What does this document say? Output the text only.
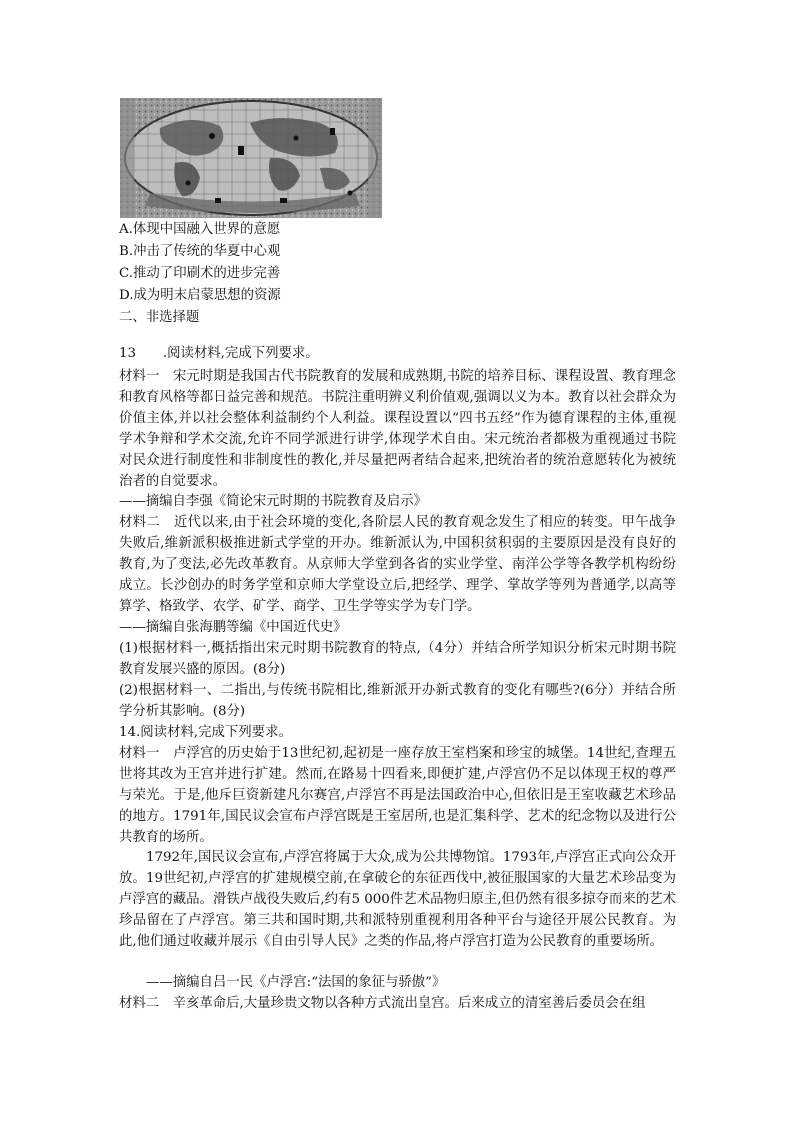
A.体现中国融入世界的意愿
B.冲击了传统的华夏中心观
C.推动了印刷术的进步完善
D.成为明末启蒙思想的资源
二、非选择题
13　　.阅读材料,完成下列要求。
材料一　宋元时期是我国古代书院教育的发展和成熟期,书院的培养目标、课程设置、教育理念和教育风格等都日益完善和规范。书院注重明辨义利价值观,强调以义为本。教育以社会群众为价值主体,并以社会整体利益制约个人利益。课程设置以“四书五经”作为德育课程的主体,重视学术争辩和学术交流,允许不同学派进行讲学,体现学术自由。宋元统治者都极为重视通过书院对民众进行制度性和非制度性的教化,并尽量把两者结合起来,把统治者的统治意愿转化为被统治者的自觉要求。
——摘编自李强《简论宋元时期的书院教育及启示》
材料二　近代以来,由于社会环境的变化,各阶层人民的教育观念发生了相应的转变。甲午战争失败后,维新派积极推进新式学堂的开办。维新派认为,中国积贫积弱的主要原因是没有良好的教育,为了变法,必先改革教育。从京师大学堂到各省的实业学堂、南洋公学等各教学机构纷纷成立。长沙创办的时务学堂和京师大学堂设立后,把经学、理学、掌故学等列为普通学,以高等算学、格致学、农学、矿学、商学、卫生学等实学为专门学。
——摘编自张海鹏等编《中国近代史》
(1)根据材料一,概括指出宋元时期书院教育的特点,（4分）并结合所学知识分析宋元时期书院教育发展兴盛的原因。(8分)
(2)根据材料一、二指出,与传统书院相比,维新派开办新式教育的变化有哪些?(6分）并结合所学分析其影响。(8分)
14.阅读材料,完成下列要求。
材料一　卢浮宫的历史始于13世纪初,起初是一座存放王室档案和珍宝的城堡。14世纪,查理五世将其改为王宫并进行扩建。然而,在路易十四看来,即便扩建,卢浮宫仍不足以体现王权的尊严与荣光。于是,他斥巨资新建凡尔赛宫,卢浮宫不再是法国政治中心,但依旧是王室收藏艺术珍品的地方。1791年,国民议会宣布卢浮宫既是王室居所,也是汇集科学、艺术的纪念物以及进行公共教育的场所。
1792年,国民议会宣布,卢浮宫将属于大众,成为公共博物馆。1793年,卢浮宫正式向公众开放。19世纪初,卢浮宫的扩建规模空前,在拿破仑的东征西伐中,被征服国家的大量艺术珍品变为卢浮宫的藏品。滑铁卢战役失败后,约有5 000件艺术品物归原主,但仍然有很多掠夺而来的艺术珍品留在了卢浮宫。第三共和国时期,共和派特别重视利用各种平台与途径开展公民教育。为此,他们通过收藏并展示《自由引导人民》之类的作品,将卢浮宫打造为公民教育的重要场所。
——摘编自吕一民《卢浮宫:“法国的象征与骄傲”》
材料二　辛亥革命后,大量珍贵文物以各种方式流出皇宫。后来成立的清室善后委员会在组
